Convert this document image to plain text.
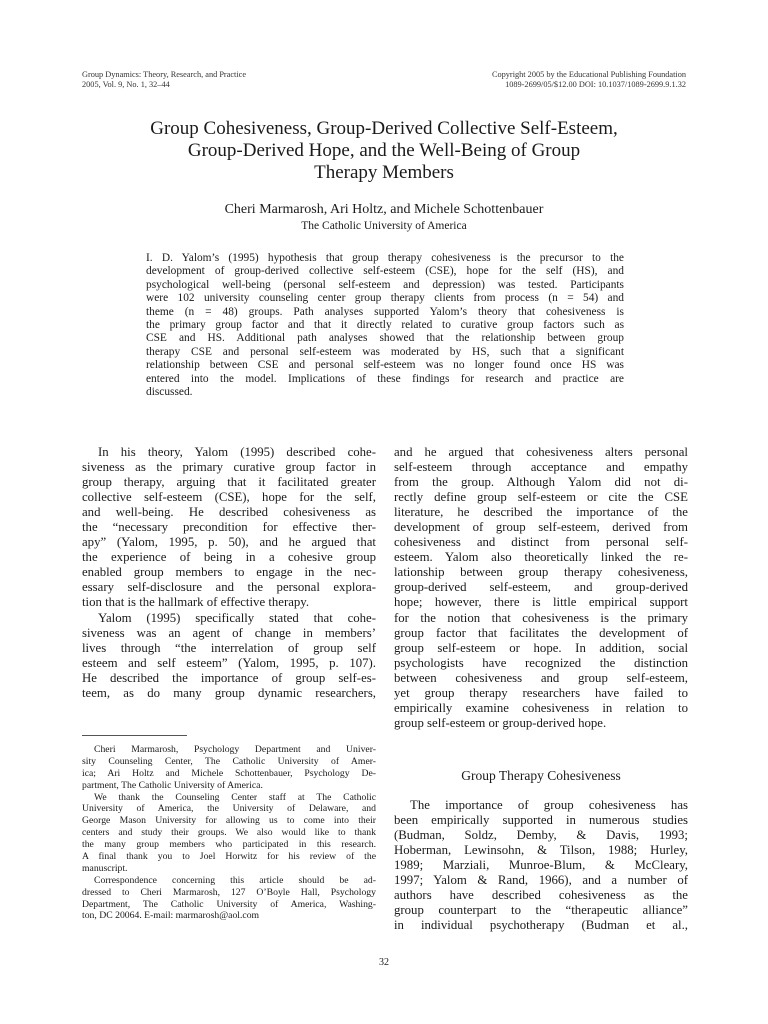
Group Dynamics: Theory, Research, and Practice
2005, Vol. 9, No. 1, 32–44
Copyright 2005 by the Educational Publishing Foundation
1089-2699/05/$12.00 DOI: 10.1037/1089-2699.9.1.32
Group Cohesiveness, Group-Derived Collective Self-Esteem,
Group-Derived Hope, and the Well-Being of Group
Therapy Members
Cheri Marmarosh, Ari Holtz, and Michele Schottenbauer
The Catholic University of America
I. D. Yalom’s (1995) hypothesis that group therapy cohesiveness is the precursor to the
development of group-derived collective self-esteem (CSE), hope for the self (HS), and
psychological well-being (personal self-esteem and depression) was tested. Participants
were 102 university counseling center group therapy clients from process (n = 54) and
theme (n = 48) groups. Path analyses supported Yalom’s theory that cohesiveness is
the primary group factor and that it directly related to curative group factors such as
CSE and HS. Additional path analyses showed that the relationship between group
therapy CSE and personal self-esteem was moderated by HS, such that a significant
relationship between CSE and personal self-esteem was no longer found once HS was
entered into the model. Implications of these findings for research and practice are
discussed.
In his theory, Yalom (1995) described cohe-
siveness as the primary curative group factor in
group therapy, arguing that it facilitated greater
collective self-esteem (CSE), hope for the self,
and well-being. He described cohesiveness as
the “necessary precondition for effective ther-
apy” (Yalom, 1995, p. 50), and he argued that
the experience of being in a cohesive group
enabled group members to engage in the nec-
essary self-disclosure and the personal explora-
tion that is the hallmark of effective therapy.
Yalom (1995) specifically stated that cohe-
siveness was an agent of change in members’
lives through “the interrelation of group self
esteem and self esteem” (Yalom, 1995, p. 107).
He described the importance of group self-es-
teem, as do many group dynamic researchers,
Cheri Marmarosh, Psychology Department and Univer-
sity Counseling Center, The Catholic University of Amer-
ica; Ari Holtz and Michele Schottenbauer, Psychology De-
partment, The Catholic University of America.
We thank the Counseling Center staff at The Catholic
University of America, the University of Delaware, and
George Mason University for allowing us to come into their
centers and study their groups. We also would like to thank
the many group members who participated in this research.
A final thank you to Joel Horwitz for his review of the
manuscript.
Correspondence concerning this article should be ad-
dressed to Cheri Marmarosh, 127 O’Boyle Hall, Psychology
Department, The Catholic University of America, Washing-
ton, DC 20064. E-mail: marmarosh@aol.com
and he argued that cohesiveness alters personal
self-esteem through acceptance and empathy
from the group. Although Yalom did not di-
rectly define group self-esteem or cite the CSE
literature, he described the importance of the
development of group self-esteem, derived from
cohesiveness and distinct from personal self-
esteem. Yalom also theoretically linked the re-
lationship between group therapy cohesiveness,
group-derived self-esteem, and group-derived
hope; however, there is little empirical support
for the notion that cohesiveness is the primary
group factor that facilitates the development of
group self-esteem or hope. In addition, social
psychologists have recognized the distinction
between cohesiveness and group self-esteem,
yet group therapy researchers have failed to
empirically examine cohesiveness in relation to
group self-esteem or group-derived hope.
Group Therapy Cohesiveness
The importance of group cohesiveness has
been empirically supported in numerous studies
(Budman, Soldz, Demby, & Davis, 1993;
Hoberman, Lewinsohn, & Tilson, 1988; Hurley,
1989; Marziali, Munroe-Blum, & McCleary,
1997; Yalom & Rand, 1966), and a number of
authors have described cohesiveness as the
group counterpart to the “therapeutic alliance”
in individual psychotherapy (Budman et al.,
32
